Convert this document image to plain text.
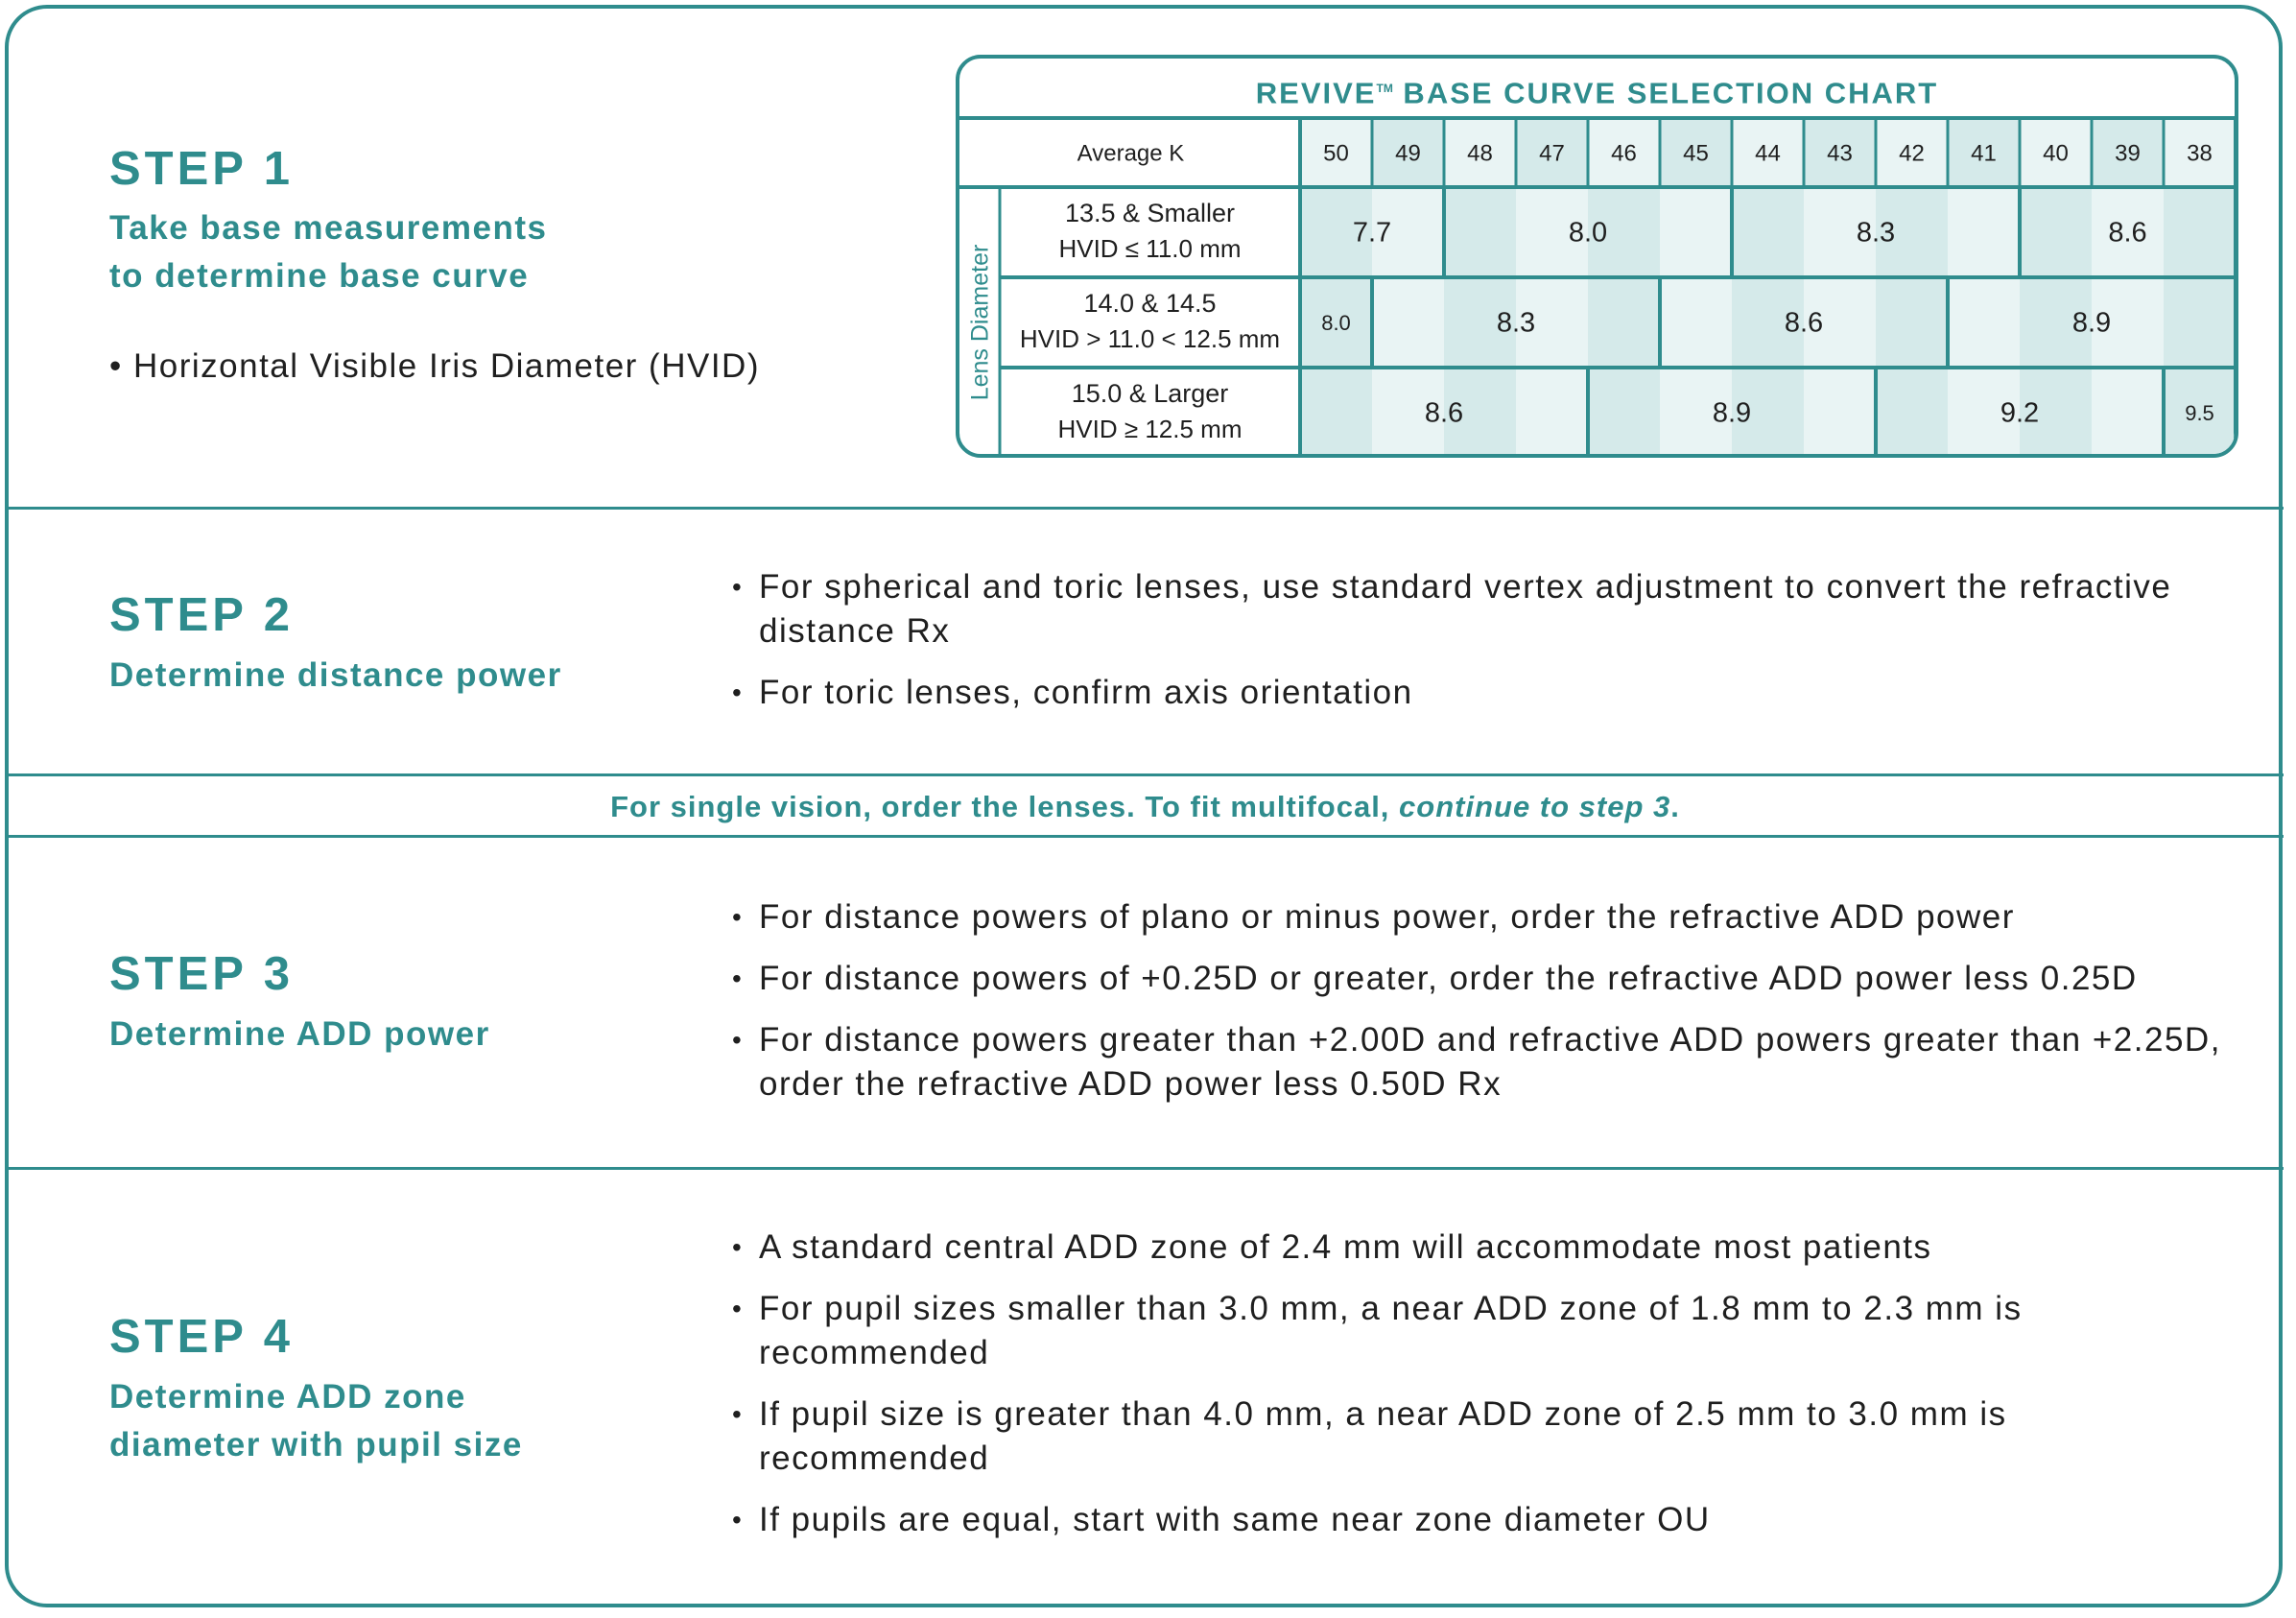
STEP 1

Take base measurements
to determine base curve

• Horizontal Visible Iris Diameter (HVID)
REVIVE™ BASE CURVE SELECTION CHART
Average K	50 49 48 47 46 45 44 43 42 41 40 39 38
Lens Diameter
13.5 & Smaller
HVID ≤ 11.0 mm
7.7	8.0	8.3	8.6
14.0 & 14.5
HVID > 11.0 < 12.5 mm
8.0	8.3	8.6	8.9
15.0 & Larger
HVID ≥ 12.5 mm
8.6	8.9	9.2	9.5
STEP 2

Determine distance power

• For spherical and toric lenses, use standard vertex adjustment to convert the refractive distance Rx
• For toric lenses, confirm axis orientation
For single vision, order the lenses. To fit multifocal, continue to step 3.
STEP 3

Determine ADD power

• For distance powers of plano or minus power, order the refractive ADD power
• For distance powers of +0.25D or greater, order the refractive ADD power less 0.25D
• For distance powers greater than +2.00D and refractive ADD powers greater than +2.25D, order the refractive ADD power less 0.50D Rx
STEP 4

Determine ADD zone
diameter with pupil size

• A standard central ADD zone of 2.4 mm will accommodate most patients
• For pupil sizes smaller than 3.0 mm, a near ADD zone of 1.8 mm to 2.3 mm is recommended
• If pupil size is greater than 4.0 mm, a near ADD zone of 2.5 mm to 3.0 mm is recommended
• If pupils are equal, start with same near zone diameter OU
